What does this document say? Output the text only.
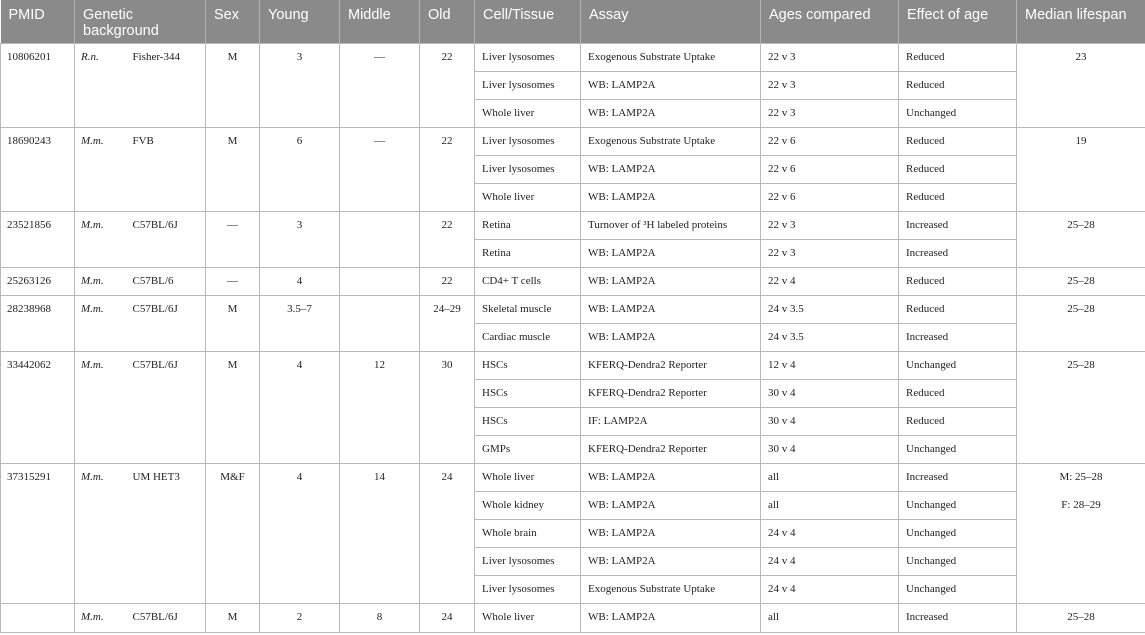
PMID	Genetic background		Sex	Young	Middle	Old	Cell/Tissue	Assay	Ages compared	Effect of age	Median lifespan
10806201	R.n.	Fisher-344	M	3	—	22	Liver lysosomes	Exogenous Substrate Uptake	22 v 3	Reduced	23

							Liver lysosomes	WB: LAMP2A	22 v 3	Reduced	
							Whole liver	WB: LAMP2A	22 v 3	Unchanged	
18690243	M.m.	FVB	M	6	—	22	Liver lysosomes	Exogenous Substrate Uptake	22 v 6	Reduced	19

							Liver lysosomes	WB: LAMP2A	22 v 6	Reduced	
							Whole liver	WB: LAMP2A	22 v 6	Reduced	
23521856	M.m.	C57BL/6J	—	3		22	Retina	Turnover of ³H labeled proteins	22 v 3	Increased	25–28

							Retina	WB: LAMP2A	22 v 3	Increased	
25263126	M.m.	C57BL/6	—	4		22	CD4+ T cells	WB: LAMP2A	22 v 4	Reduced	25–28

28238968	M.m.	C57BL/6J	M	3.5–7		24–29	Skeletal muscle	WB: LAMP2A	24 v 3.5	Reduced	25–28

							Cardiac muscle	WB: LAMP2A	24 v 3.5	Increased	
33442062	M.m.	C57BL/6J	M	4	12	30	HSCs	KFERQ-Dendra2 Reporter	12 v 4	Unchanged	25–28

							HSCs	KFERQ-Dendra2 Reporter	30 v 4	Reduced	
							HSCs	IF: LAMP2A	30 v 4	Reduced	
							GMPs	KFERQ-Dendra2 Reporter	30 v 4	Unchanged	
37315291	M.m.	UM HET3	M&F	4	14	24	Whole liver	WB: LAMP2A	all	Increased	M: 25–28
F: 28–29

							Whole kidney	WB: LAMP2A	all	Unchanged	
							Whole brain	WB: LAMP2A	24 v 4	Unchanged	
							Liver lysosomes	WB: LAMP2A	24 v 4	Unchanged	
							Liver lysosomes	Exogenous Substrate Uptake	24 v 4	Unchanged	
	M.m.	C57BL/6J	M	2	8	24	Whole liver	WB: LAMP2A	all	Increased	25–28
